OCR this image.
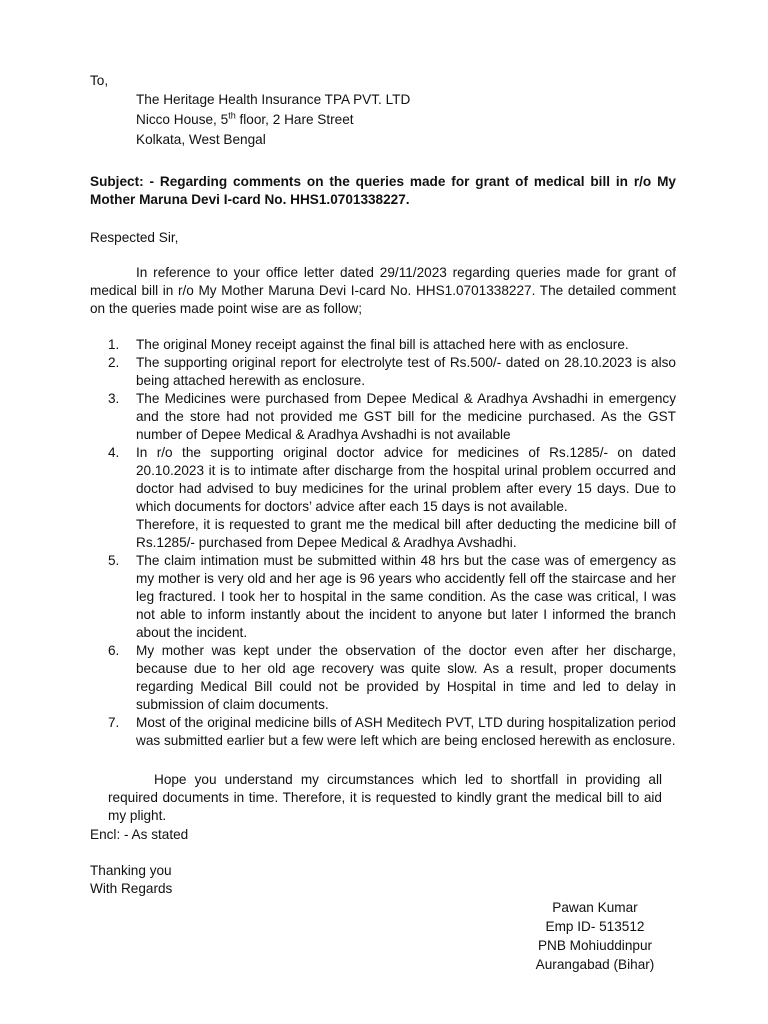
To,
The Heritage Health Insurance TPA PVT. LTD
Nicco House, 5th floor, 2 Hare Street
Kolkata, West Bengal
Subject: - Regarding comments on the queries made for grant of medical bill in r/o My Mother Maruna Devi I-card No. HHS1.0701338227.
Respected Sir,
In reference to your office letter dated 29/11/2023 regarding queries made for grant of medical bill in r/o My Mother Maruna Devi I-card No. HHS1.0701338227. The detailed comment on the queries made point wise are as follow;
1. The original Money receipt against the final bill is attached here with as enclosure.
2. The supporting original report for electrolyte test of Rs.500/- dated on 28.10.2023 is also being attached herewith as enclosure.
3. The Medicines were purchased from Depee Medical & Aradhya Avshadhi in emergency and the store had not provided me GST bill for the medicine purchased. As the GST number of Depee Medical & Aradhya Avshadhi is not available
4. In r/o the supporting original doctor advice for medicines of Rs.1285/- on dated 20.10.2023 it is to intimate after discharge from the hospital urinal problem occurred and doctor had advised to buy medicines for the urinal problem after every 15 days. Due to which documents for doctors’ advice after each 15 days is not available.
Therefore, it is requested to grant me the medical bill after deducting the medicine bill of Rs.1285/- purchased from Depee Medical & Aradhya Avshadhi.
5. The claim intimation must be submitted within 48 hrs but the case was of emergency as my mother is very old and her age is 96 years who accidently fell off the staircase and her leg fractured. I took her to hospital in the same condition. As the case was critical, I was not able to inform instantly about the incident to anyone but later I informed the branch about the incident.
6. My mother was kept under the observation of the doctor even after her discharge, because due to her old age recovery was quite slow. As a result, proper documents regarding Medical Bill could not be provided by Hospital in time and led to delay in submission of claim documents.
7. Most of the original medicine bills of ASH Meditech PVT, LTD during hospitalization period was submitted earlier but a few were left which are being enclosed herewith as enclosure.
Hope you understand my circumstances which led to shortfall in providing all required documents in time. Therefore, it is requested to kindly grant the medical bill to aid my plight.
Encl: - As stated
Thanking you
With Regards
Pawan Kumar
Emp ID- 513512
PNB Mohiuddinpur
Aurangabad (Bihar)
